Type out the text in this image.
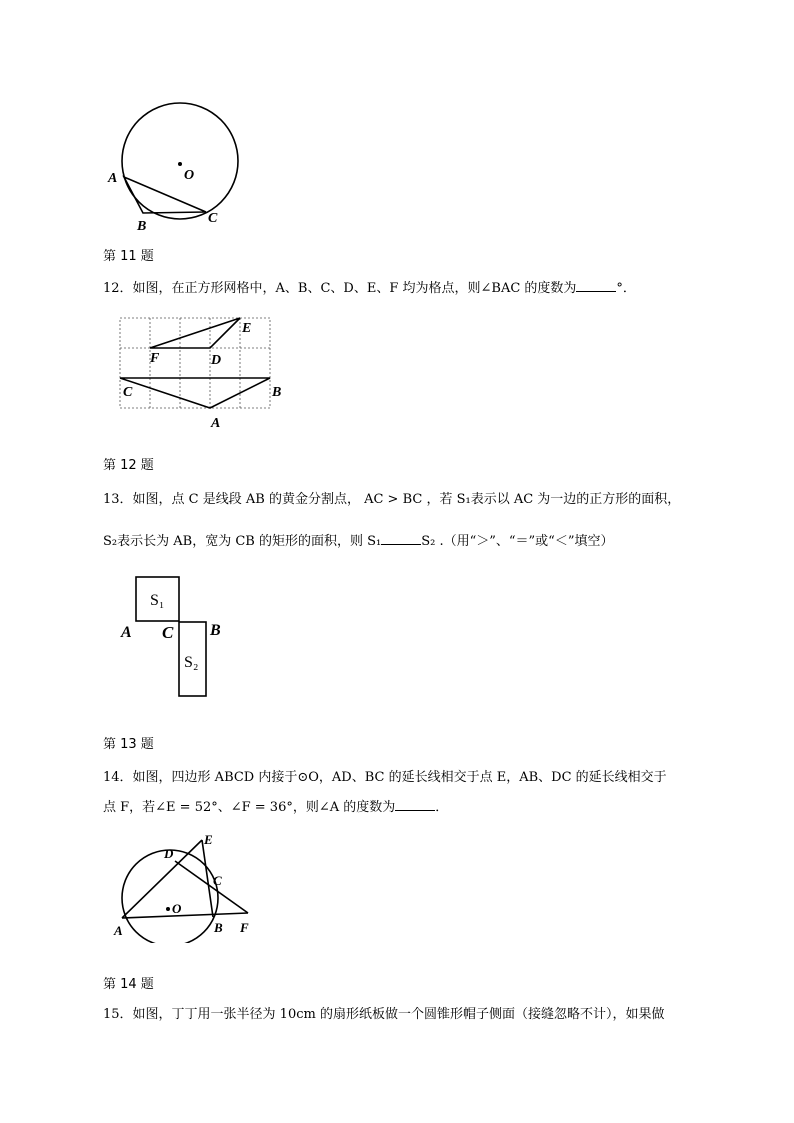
O
A
B
C
第 11 题
12．如图，在正方形网格中，A、B、C、D、E、F 均为格点，则∠BAC 的度数为	°．
E
F	D
C	B
A
第 12 题
13．如图，点 C 是线段 AB 的黄金分割点， AC > BC ，若 S₁表示以 AC 为一边的正方形的面积，
S₂表示长为 AB，宽为 CB 的矩形的面积，则 S₁	S₂ .（用“＞”、“＝”或“＜”填空）
S₁
S₂
A C B
第 13 题
14．如图，四边形 ABCD 内接于⊙O，AD、BC 的延长线相交于点 E，AB、DC 的延长线相交于
点 F，若∠E = 52°、∠F = 36°，则∠A 的度数为	．
D
E
C
O
A	B F
第 14 题
15．如图，丁丁用一张半径为 10cm 的扇形纸板做一个圆锥形帽子侧面（接缝忽略不计），如果做
